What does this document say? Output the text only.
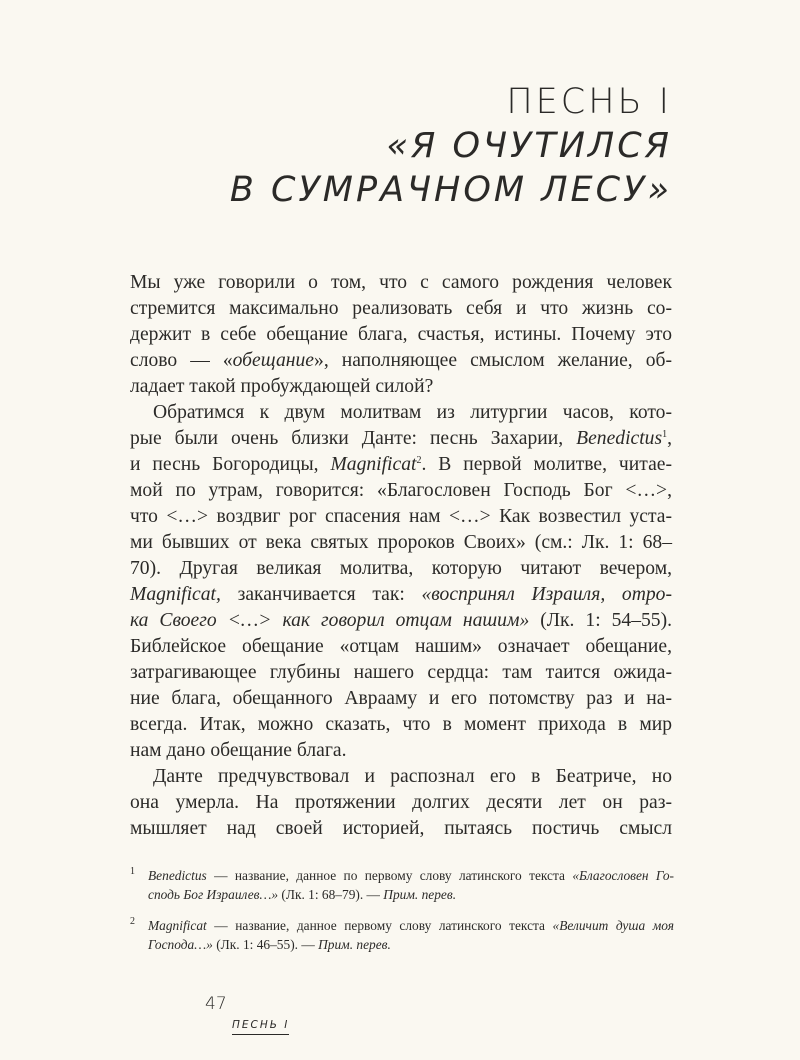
ПЕСНЬ I
«Я ОЧУТИЛСЯ
В СУМРАЧНОМ ЛЕСУ»
Мы уже говорили о том, что с самого рождения человек
стремится максимально реализовать себя и что жизнь со-
держит в себе обещание блага, счастья, истины. Почему это
слово — «обещание», наполняющее смыслом желание, об-
ладает такой пробуждающей силой?
Обратимся к двум молитвам из литургии часов, кото-
рые были очень близки Данте: песнь Захарии, Benedictus$^1$,
и песнь Богородицы, Magnificat$^2$. В первой молитве, читае-
мой по утрам, говорится: «Благословен Господь Бог <…>,
что <…> воздвиг рог спасения нам <…> Как возвестил уста-
ми бывших от века святых пророков Своих» (см.: Лк. 1: 68–
70). Другая великая молитва, которую читают вечером,
Magnificat, заканчивается так: «воспринял Израиля, отро-
ка Своего <…> как говорил отцам нашим» (Лк. 1: 54–55).
Библейское обещание «отцам нашим» означает обещание,
затрагивающее глубины нашего сердца: там таится ожида-
ние блага, обещанного Аврааму и его потомству раз и на-
всегда. Итак, можно сказать, что в момент прихода в мир
нам дано обещание блага.
Данте предчувствовал и распознал его в Беатриче, но
она умерла. На протяжении долгих десяти лет он раз-
мышляет над своей историей, пытаясь постичь смысл
1 Benedictus — название, данное по первому слову латинского текста «Благословен Го-
сподь Бог Израилев…» (Лк. 1: 68–79). — Прим. перев.
2 Magnificat — название, данное первому слову латинского текста «Величит душа моя
Господа…» (Лк. 1: 46–55). — Прим. перев.
47
ПЕСНЬ I
